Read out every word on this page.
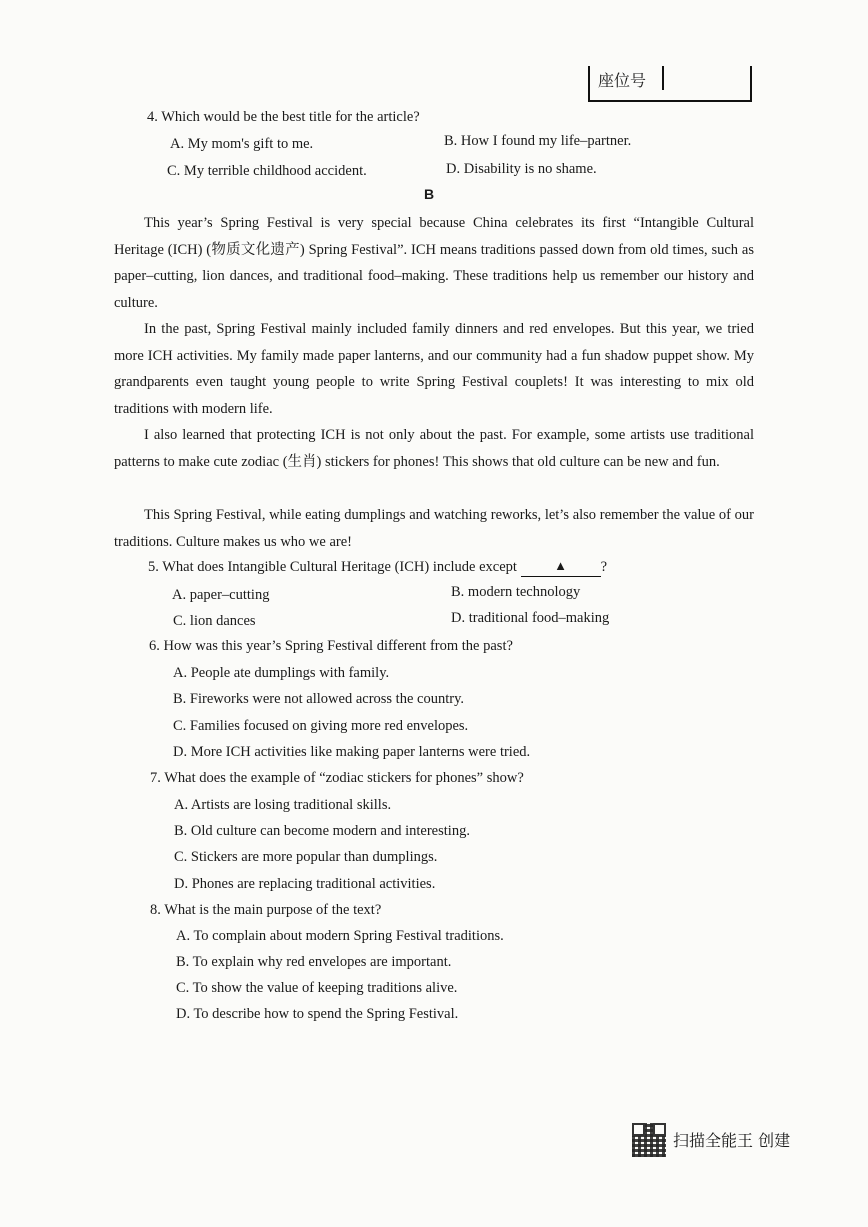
座位号
4. Which would be the best title for the article?
A. My mom's gift to me.	B. How I found my life–partner.
C. My terrible childhood accident.	D. Disability is no shame.
B
This year’s Spring Festival is very special because China celebrates its first “Intangible Cultural Heritage (ICH) (物质文化遗产) Spring Festival”. ICH means traditions passed down from old times, such as paper–cutting, lion dances, and traditional food–making. These traditions help us remember our history and culture.
In the past, Spring Festival mainly included family dinners and red envelopes. But this year, we tried more ICH activities. My family made paper lanterns, and our community had a fun shadow puppet show. My grandparents even taught young people to write Spring Festival couplets! It was interesting to mix old traditions with modern life.
I also learned that protecting ICH is not only about the past. For example, some artists use traditional patterns to make cute zodiac (生肖) stickers for phones! This shows that old culture can be new and fun.
This Spring Festival, while eating dumplings and watching reworks, let’s also remember the value of our traditions. Culture makes us who we are!
5. What does Intangible Cultural Heritage (ICH) include except	▲ ?
A. paper–cutting	B. modern technology
C. lion dances	D. traditional food–making
6. How was this year’s Spring Festival different from the past?
A. People ate dumplings with family.
B. Fireworks were not allowed across the country.
C. Families focused on giving more red envelopes.
D. More ICH activities like making paper lanterns were tried.
7. What does the example of “zodiac stickers for phones” show?
A. Artists are losing traditional skills.
B. Old culture can become modern and interesting.
C. Stickers are more popular than dumplings.
D. Phones are replacing traditional activities.
8. What is the main purpose of the text?
A. To complain about modern Spring Festival traditions.
B. To explain why red envelopes are important.
C. To show the value of keeping traditions alive.
D. To describe how to spend the Spring Festival.
扫描全能王 创建
